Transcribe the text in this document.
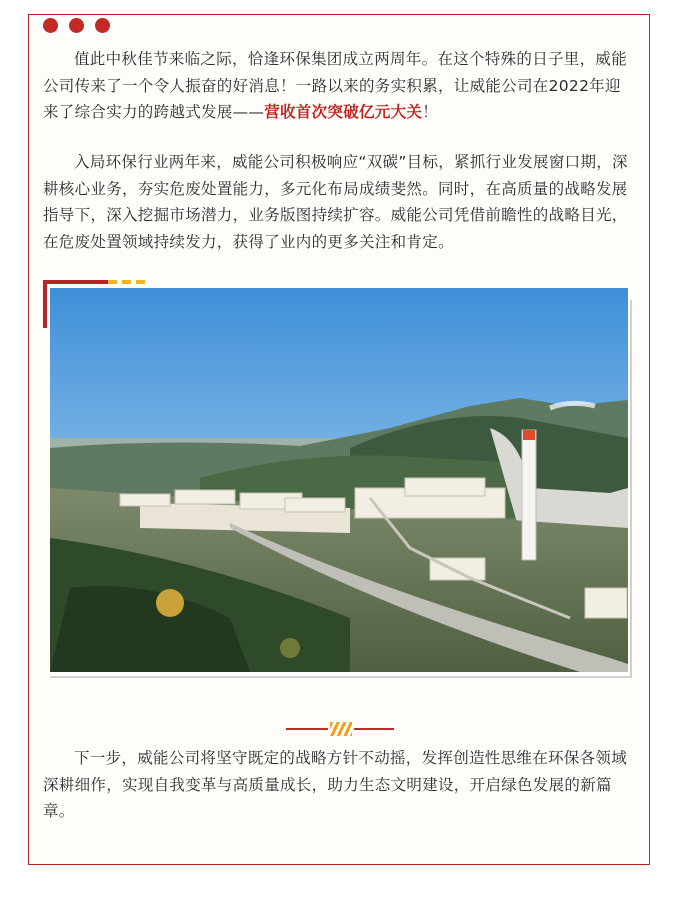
值此中秋佳节来临之际，恰逢环保集团成立两周年。在这个特殊的日子里，威能公司传来了一个令人振奋的好消息！一路以来的务实积累，让威能公司在2022年迎来了综合实力的跨越式发展——营收首次突破亿元大关！

入局环保行业两年来，威能公司积极响应“双碳”目标，紧抓行业发展窗口期，深耕核心业务，夯实危废处置能力，多元化布局成绩斐然。同时，在高质量的战略发展指导下，深入挖掘市场潜力，业务版图持续扩容。威能公司凭借前瞻性的战略目光，在危废处置领域持续发力，获得了业内的更多关注和肯定。

下一步，威能公司将坚守既定的战略方针不动摇，发挥创造性思维在环保各领域深耕细作，实现自我变革与高质量成长，助力生态文明建设，开启绿色发展的新篇章。
